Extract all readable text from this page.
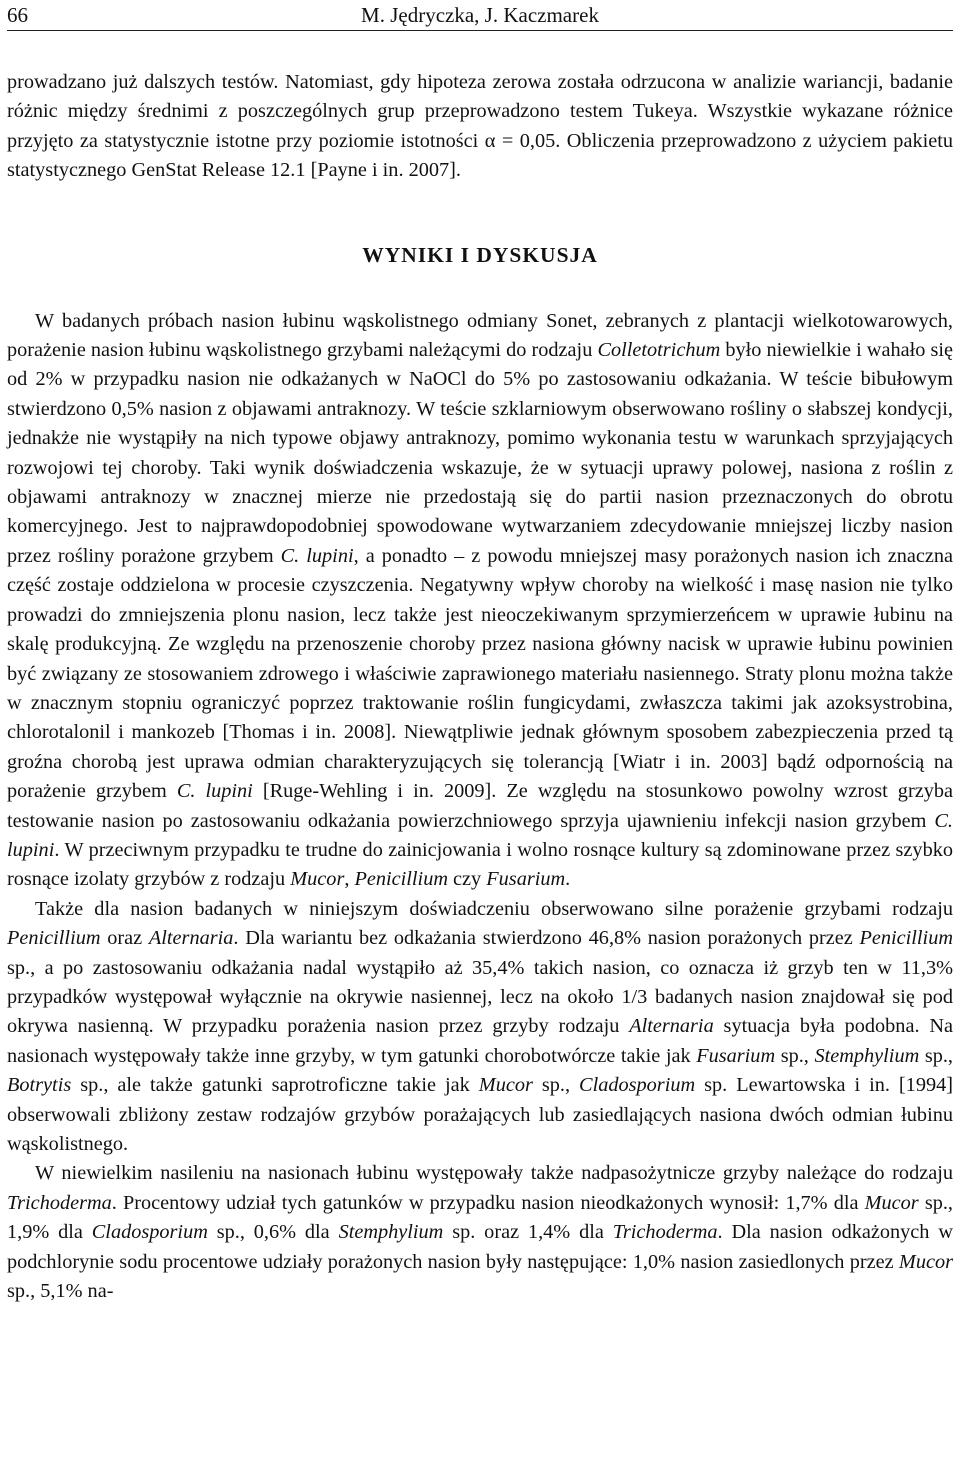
66	M. Jędryczka, J. Kaczmarek

prowadzano już dalszych testów. Natomiast, gdy hipoteza zerowa została odrzucona w analizie wariancji, badanie różnic między średnimi z poszczególnych grup przeprowadzono testem Tukeya. Wszystkie wykazane różnice przyjęto za statystycznie istotne przy poziomie istotności α = 0,05. Obliczenia przeprowadzono z użyciem pakietu statystycznego GenStat Release 12.1 [Payne i in. 2007].

WYNIKI I DYSKUSJA

W badanych próbach nasion łubinu wąskolistnego odmiany Sonet, zebranych z plantacji wielkotowarowych, porażenie nasion łubinu wąskolistnego grzybami należącymi do rodzaju Colletotrichum było niewielkie i wahało się od 2% w przypadku nasion nie odkażanych w NaOCl do 5% po zastosowaniu odkażania. W teście bibułowym stwierdzono 0,5% nasion z objawami antraknozy. W teście szklarniowym obserwowano rośliny o słabszej kondycji, jednakże nie wystąpiły na nich typowe objawy antraknozy, pomimo wykonania testu w warunkach sprzyjających rozwojowi tej choroby. Taki wynik doświadczenia wskazuje, że w sytuacji uprawy polowej, nasiona z roślin z objawami antraknozy w znacznej mierze nie przedostają się do partii nasion przeznaczonych do obrotu komercyjnego. Jest to najprawdopodobniej spowodowane wytwarzaniem zdecydowanie mniejszej liczby nasion przez rośliny porażone grzybem C. lupini, a ponadto – z powodu mniejszej masy porażonych nasion ich znaczna część zostaje oddzielona w procesie czyszczenia. Negatywny wpływ choroby na wielkość i masę nasion nie tylko prowadzi do zmniejszenia plonu nasion, lecz także jest nieoczekiwanym sprzymierzeńcem w uprawie łubinu na skalę produkcyjną. Ze względu na przenoszenie choroby przez nasiona główny nacisk w uprawie łubinu powinien być związany ze stosowaniem zdrowego i właściwie zaprawionego materiału nasiennego. Straty plonu można także w znacznym stopniu ograniczyć poprzez traktowanie roślin fungicydami, zwłaszcza takimi jak azoksystrobina, chlorotalonil i mankozeb [Thomas i in. 2008]. Niewątpliwie jednak głównym sposobem zabezpieczenia przed tą groźna chorobą jest uprawa odmian charakteryzujących się tolerancją [Wiatr i in. 2003] bądź odpornością na porażenie grzybem C. lupini [Ruge-Wehling i in. 2009]. Ze względu na stosunkowo powolny wzrost grzyba testowanie nasion po zastosowaniu odkażania powierzchniowego sprzyja ujawnieniu infekcji nasion grzybem C. lupini. W przeciwnym przypadku te trudne do zainicjowania i wolno rosnące kultury są zdominowane przez szybko rosnące izolaty grzybów z rodzaju Mucor, Penicillium czy Fusarium.

Także dla nasion badanych w niniejszym doświadczeniu obserwowano silne porażenie grzybami rodzaju Penicillium oraz Alternaria. Dla wariantu bez odkażania stwierdzono 46,8% nasion porażonych przez Penicillium sp., a po zastosowaniu odkażania nadal wystąpiło aż 35,4% takich nasion, co oznacza iż grzyb ten w 11,3% przypadków występował wyłącznie na okrywie nasiennej, lecz na około 1/3 badanych nasion znajdował się pod okrywa nasienną. W przypadku porażenia nasion przez grzyby rodzaju Alternaria sytuacja była podobna. Na nasionach występowały także inne grzyby, w tym gatunki chorobotwórcze takie jak Fusarium sp., Stemphylium sp., Botrytis sp., ale także gatunki saprotroficzne takie jak Mucor sp., Cladosporium sp. Lewartowska i in. [1994] obserwowali zbliżony zestaw rodzajów grzybów porażających lub zasiedlających nasiona dwóch odmian łubinu wąskolistnego.

W niewielkim nasileniu na nasionach łubinu występowały także nadpasożytnicze grzyby należące do rodzaju Trichoderma. Procentowy udział tych gatunków w przypadku nasion nieodkażonych wynosił: 1,7% dla Mucor sp., 1,9% dla Cladosporium sp., 0,6% dla Stemphylium sp. oraz 1,4% dla Trichoderma. Dla nasion odkażonych w podchlorynie sodu procentowe udziały porażonych nasion były następujące: 1,0% nasion zasiedlonych przez Mucor sp., 5,1% na-
